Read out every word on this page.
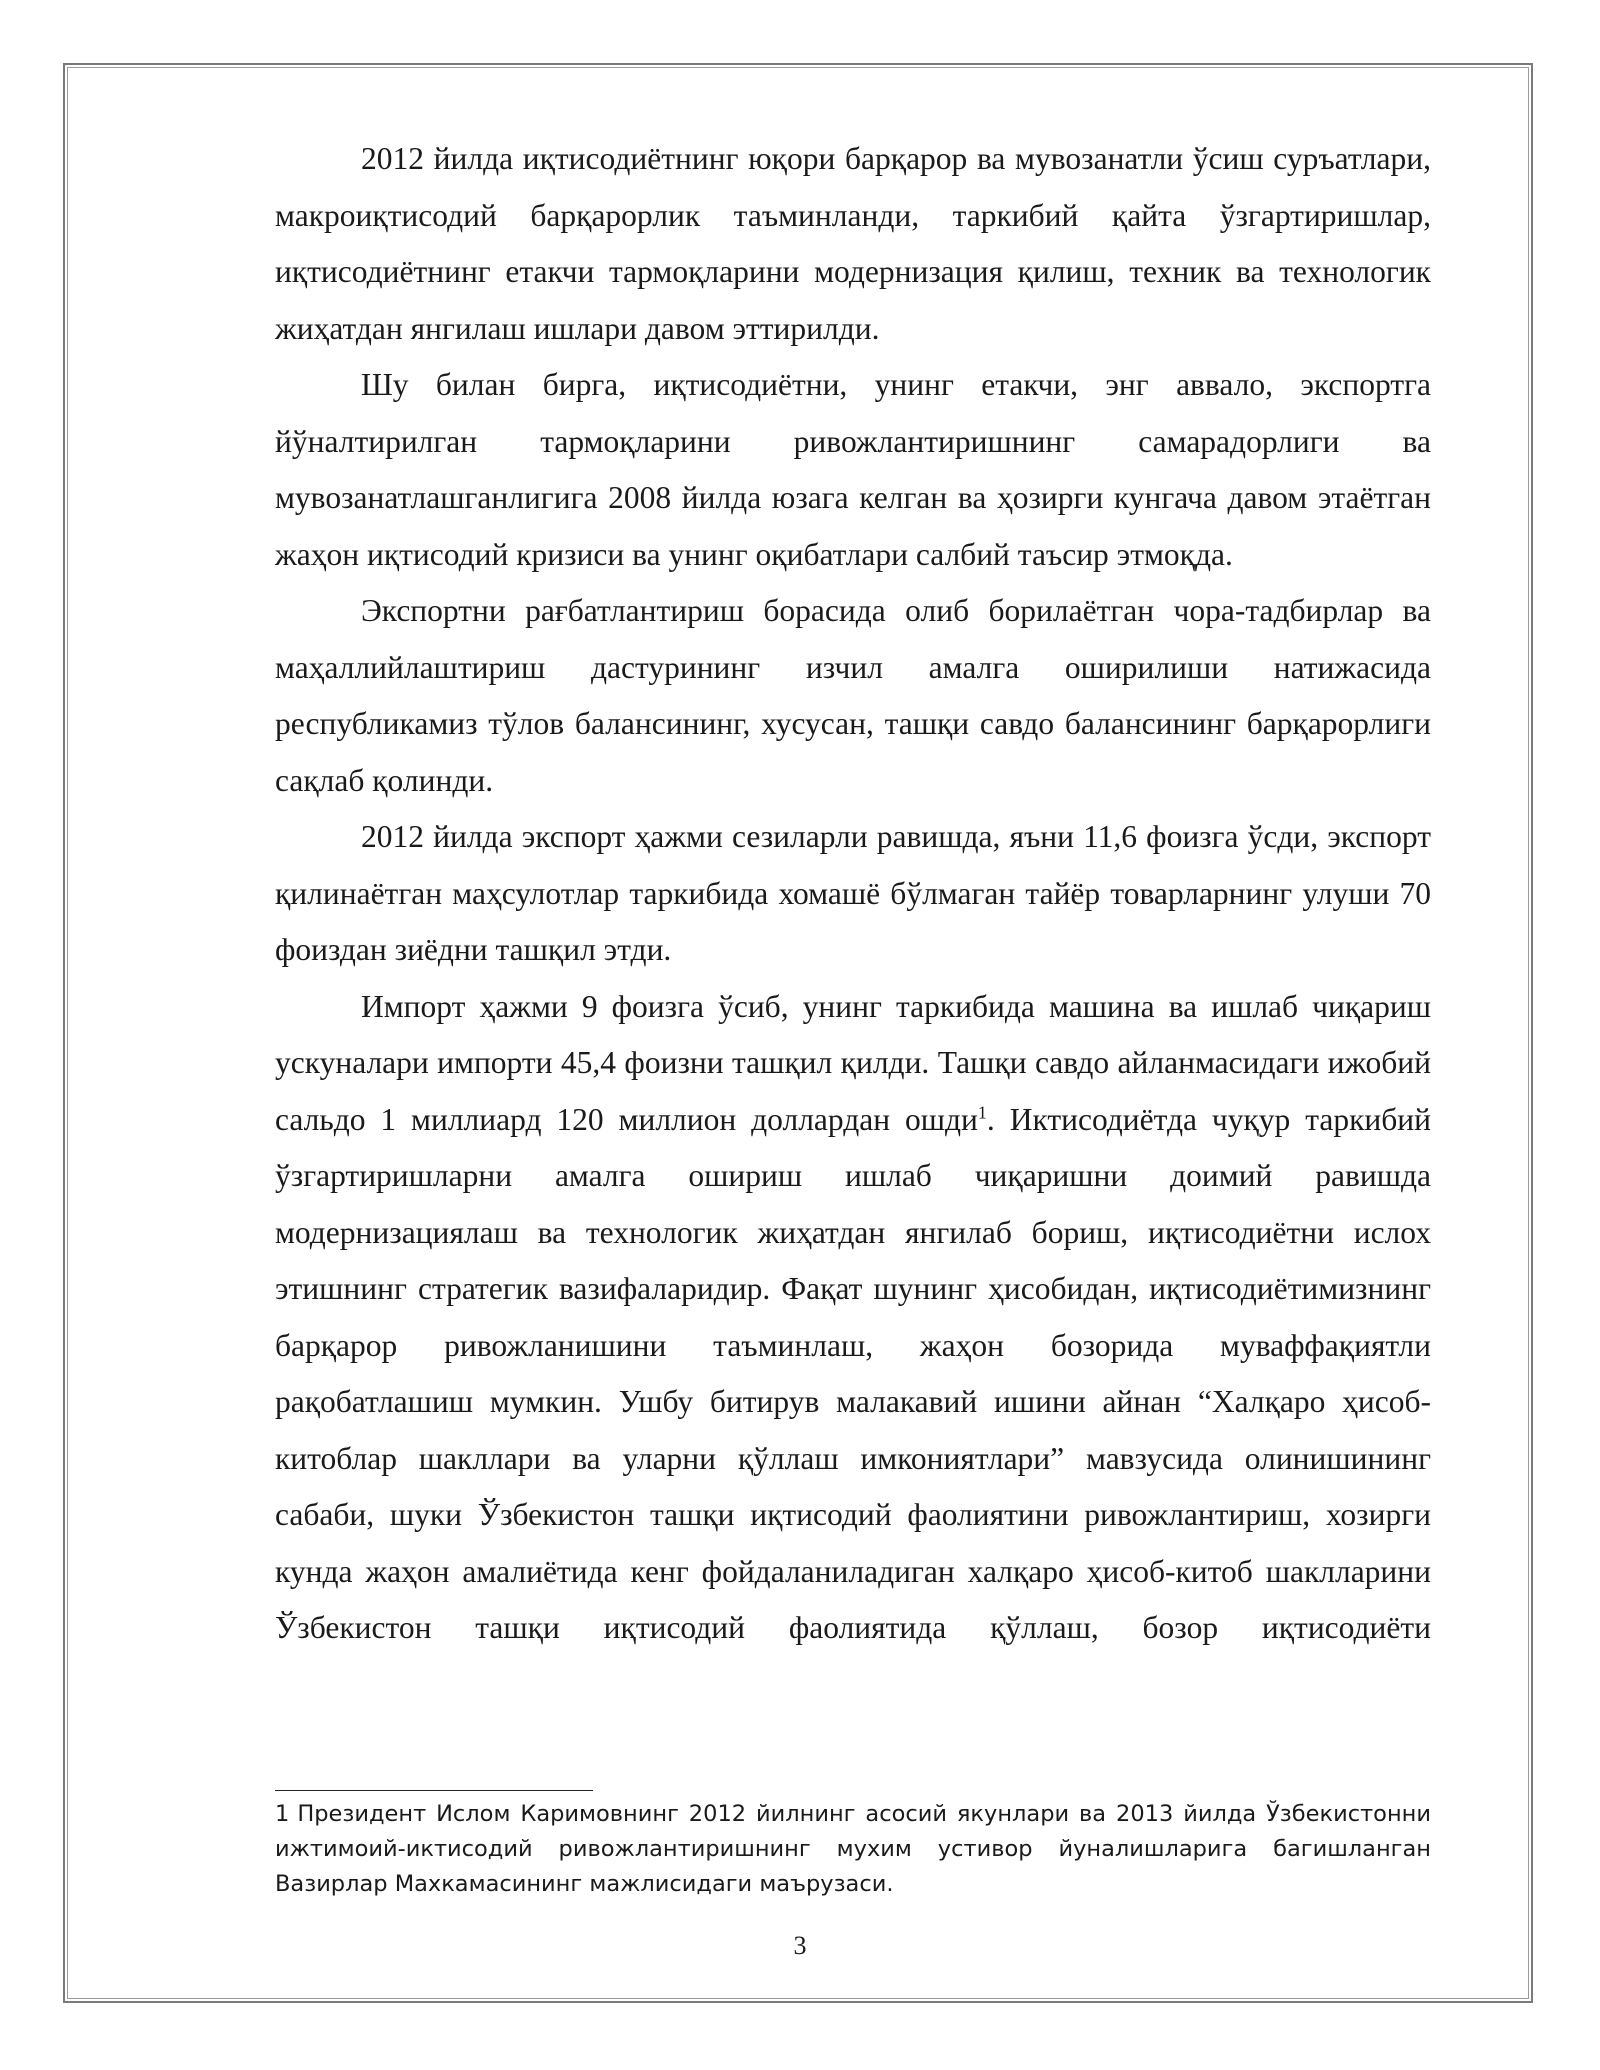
2012 йилда иқтисодиётнинг юқори барқарор ва мувозанатли ўсиш суръатлари, макроиқтисодий барқарорлик таъминланди, таркибий қайта ўзгартиришлар, иқтисодиётнинг етакчи тармоқларини модернизация қилиш, техник ва технологик жиҳатдан янгилаш ишлари давом эттирилди.

Шу билан бирга, иқтисодиётни, унинг етакчи, энг аввало, экспортга йўналтирилган тармоқларини ривожлантиришнинг самарадорлиги ва мувозанатлашганлигига 2008 йилда юзага келган ва ҳозирги кунгача давом этаётган жаҳон иқтисодий кризиси ва унинг оқибатлари салбий таъсир этмоқда.

Экспортни рағбатлантириш борасида олиб борилаётган чора-тадбирлар ва маҳаллийлаштириш дастурининг изчил амалга оширилиши натижасида республикамиз тўлов балансининг, хусусан, ташқи савдо балансининг барқарорлиги сақлаб қолинди.

2012 йилда экспорт ҳажми сезиларли равишда, яъни 11,6 фоизга ўсди, экспорт қилинаётган маҳсулотлар таркибида хомашё бўлмаган тайёр товарларнинг улуши 70 фоиздан зиёдни ташқил этди.

Импорт ҳажми 9 фоизга ўсиб, унинг таркибида машина ва ишлаб чиқариш ускуналари импорти 45,4 фоизни ташқил қилди. Ташқи савдо айланмасидаги ижобий сальдо 1 миллиард 120 миллион доллардан ошди$^1$. Иктисодиётда чуқур таркибий ўзгартиришларни амалга ошириш ишлаб чиқаришни доимий равишда модернизациялаш ва технологик жиҳатдан янгилаб бориш, иқтисодиётни ислох этишнинг стратегик вазифаларидир. Фақат шунинг ҳисобидан, иқтисодиётимизнинг барқарор ривожланишини таъминлаш, жаҳон бозорида муваффақиятли рақобатлашиш мумкин. Ушбу битирув малакавий ишини айнан “Халқаро ҳисоб-китоблар шакллари ва уларни қўллаш имкониятлари” мавзусида олинишининг сабаби, шуки Ўзбекистон ташқи иқтисодий фаолиятини ривожлантириш, хозирги кунда жаҳон амалиётида кенг фойдаланиладиган халқаро ҳисоб-китоб шаклларини Ўзбекистон ташқи иқтисодий фаолиятида қўллаш, бозор иқтисодиёти

1 Президент Ислом Каримовнинг 2012 йилнинг асосий якунлари ва 2013 йилда Ўзбекистонни ижтимоий-иктисодий ривожлантиришнинг мухим устивор йуналишларига багишланган Вазирлар Махкамасининг мажлисидаги маърузаси.
3
